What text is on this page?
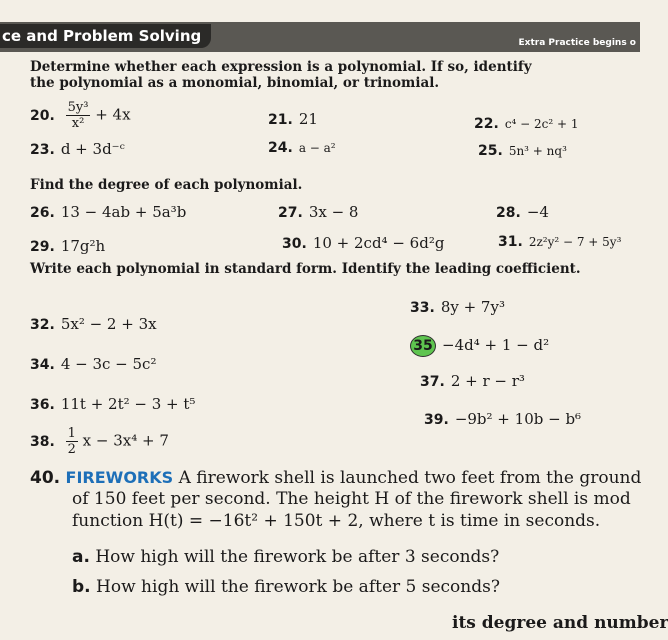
ce and Problem Solving	Extra Practice begins o
Determine whether each expression is a polynomial. If so, identify
the polynomial as a monomial, binomial, or trinomial.
20. $\frac{\text{5y³}}{\text{x²}} + 4x$	21. 21	22. c⁴ − 2c² + 1
23. d + 3d⁻ᶜ	24. a − a²	25. 5n³ + nq³
Find the degree of each polynomial.
26. 13 − 4ab + 5a³b	27. 3x − 8	28. −4
29. 17g²h	30. 10 + 2cd⁴ − 6d²g	31. 2z²y² − 7 + 5y³
Write each polynomial in standard form. Identify the leading coefficient.
32. 5x² − 2 + 3x
33. 8y + 7y³
34. 4 − 3c − 5c²
35 −4d⁴ + 1 − d²
36. 11t + 2t² − 3 + t⁵
37. 2 + r − r³
38. $\frac{1}{2}$ x − 3x⁴ + 7
39. −9b² + 10b − b⁶
40. FIREWORKS A firework shell is launched two feet from the ground
of 150 feet per second. The height H of the firework shell is mod
function H(t) = −16t² + 150t + 2, where t is time in seconds.
a. How high will the firework be after 3 seconds?
b. How high will the firework be after 5 seconds?
its degree and number
